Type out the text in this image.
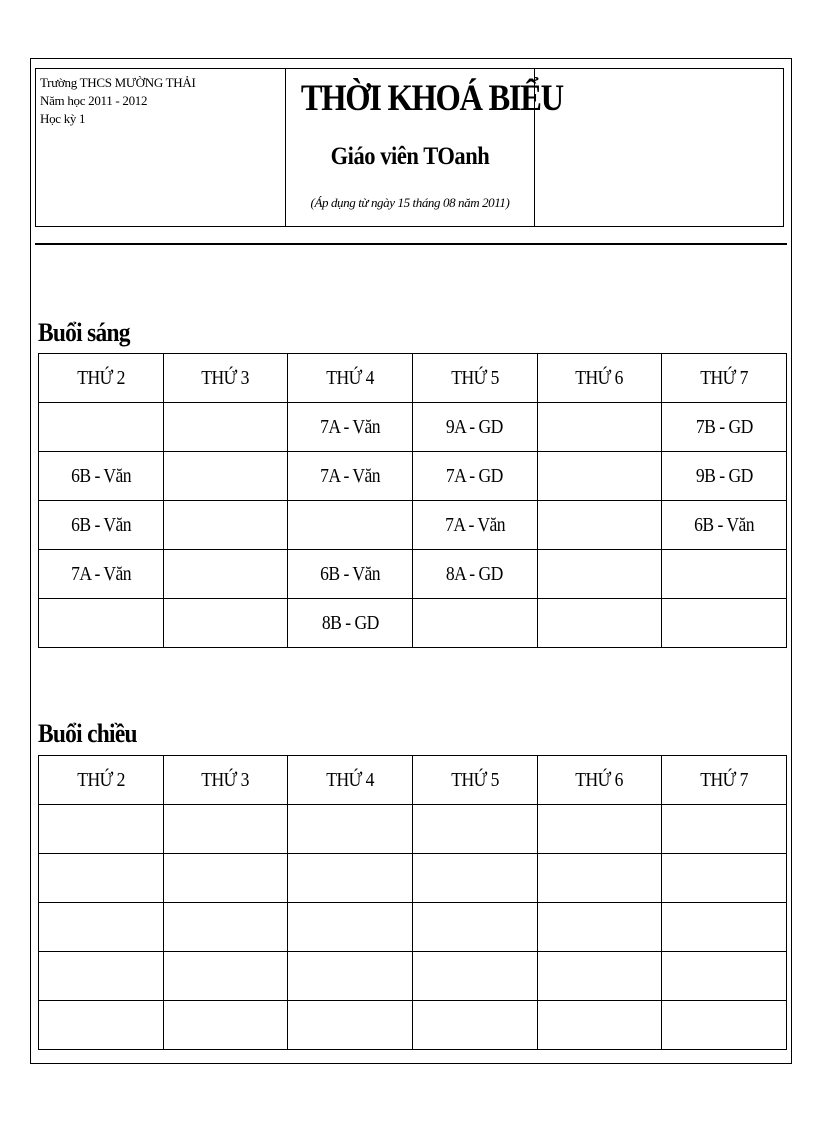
Trường THCS MƯỜNG THẢI
Năm học 2011 - 2012
Học kỳ 1	THỜI KHOÁ BIỂU
Giáo viên TOanh
(Áp dụng từ ngày 15 tháng 08 năm 2011)
Buổi sáng
THỨ 2	THỨ 3	THỨ 4	THỨ 5	THỨ 6	THỨ 7
		7A - Văn	9A - GD		7B - GD
6B - Văn		7A - Văn	7A - GD		9B - GD
6B - Văn			7A - Văn		6B - Văn
7A - Văn		6B - Văn	8A - GD		
		8B - GD			
Buổi chiều
THỨ 2	THỨ 3	THỨ 4	THỨ 5	THỨ 6	THỨ 7
